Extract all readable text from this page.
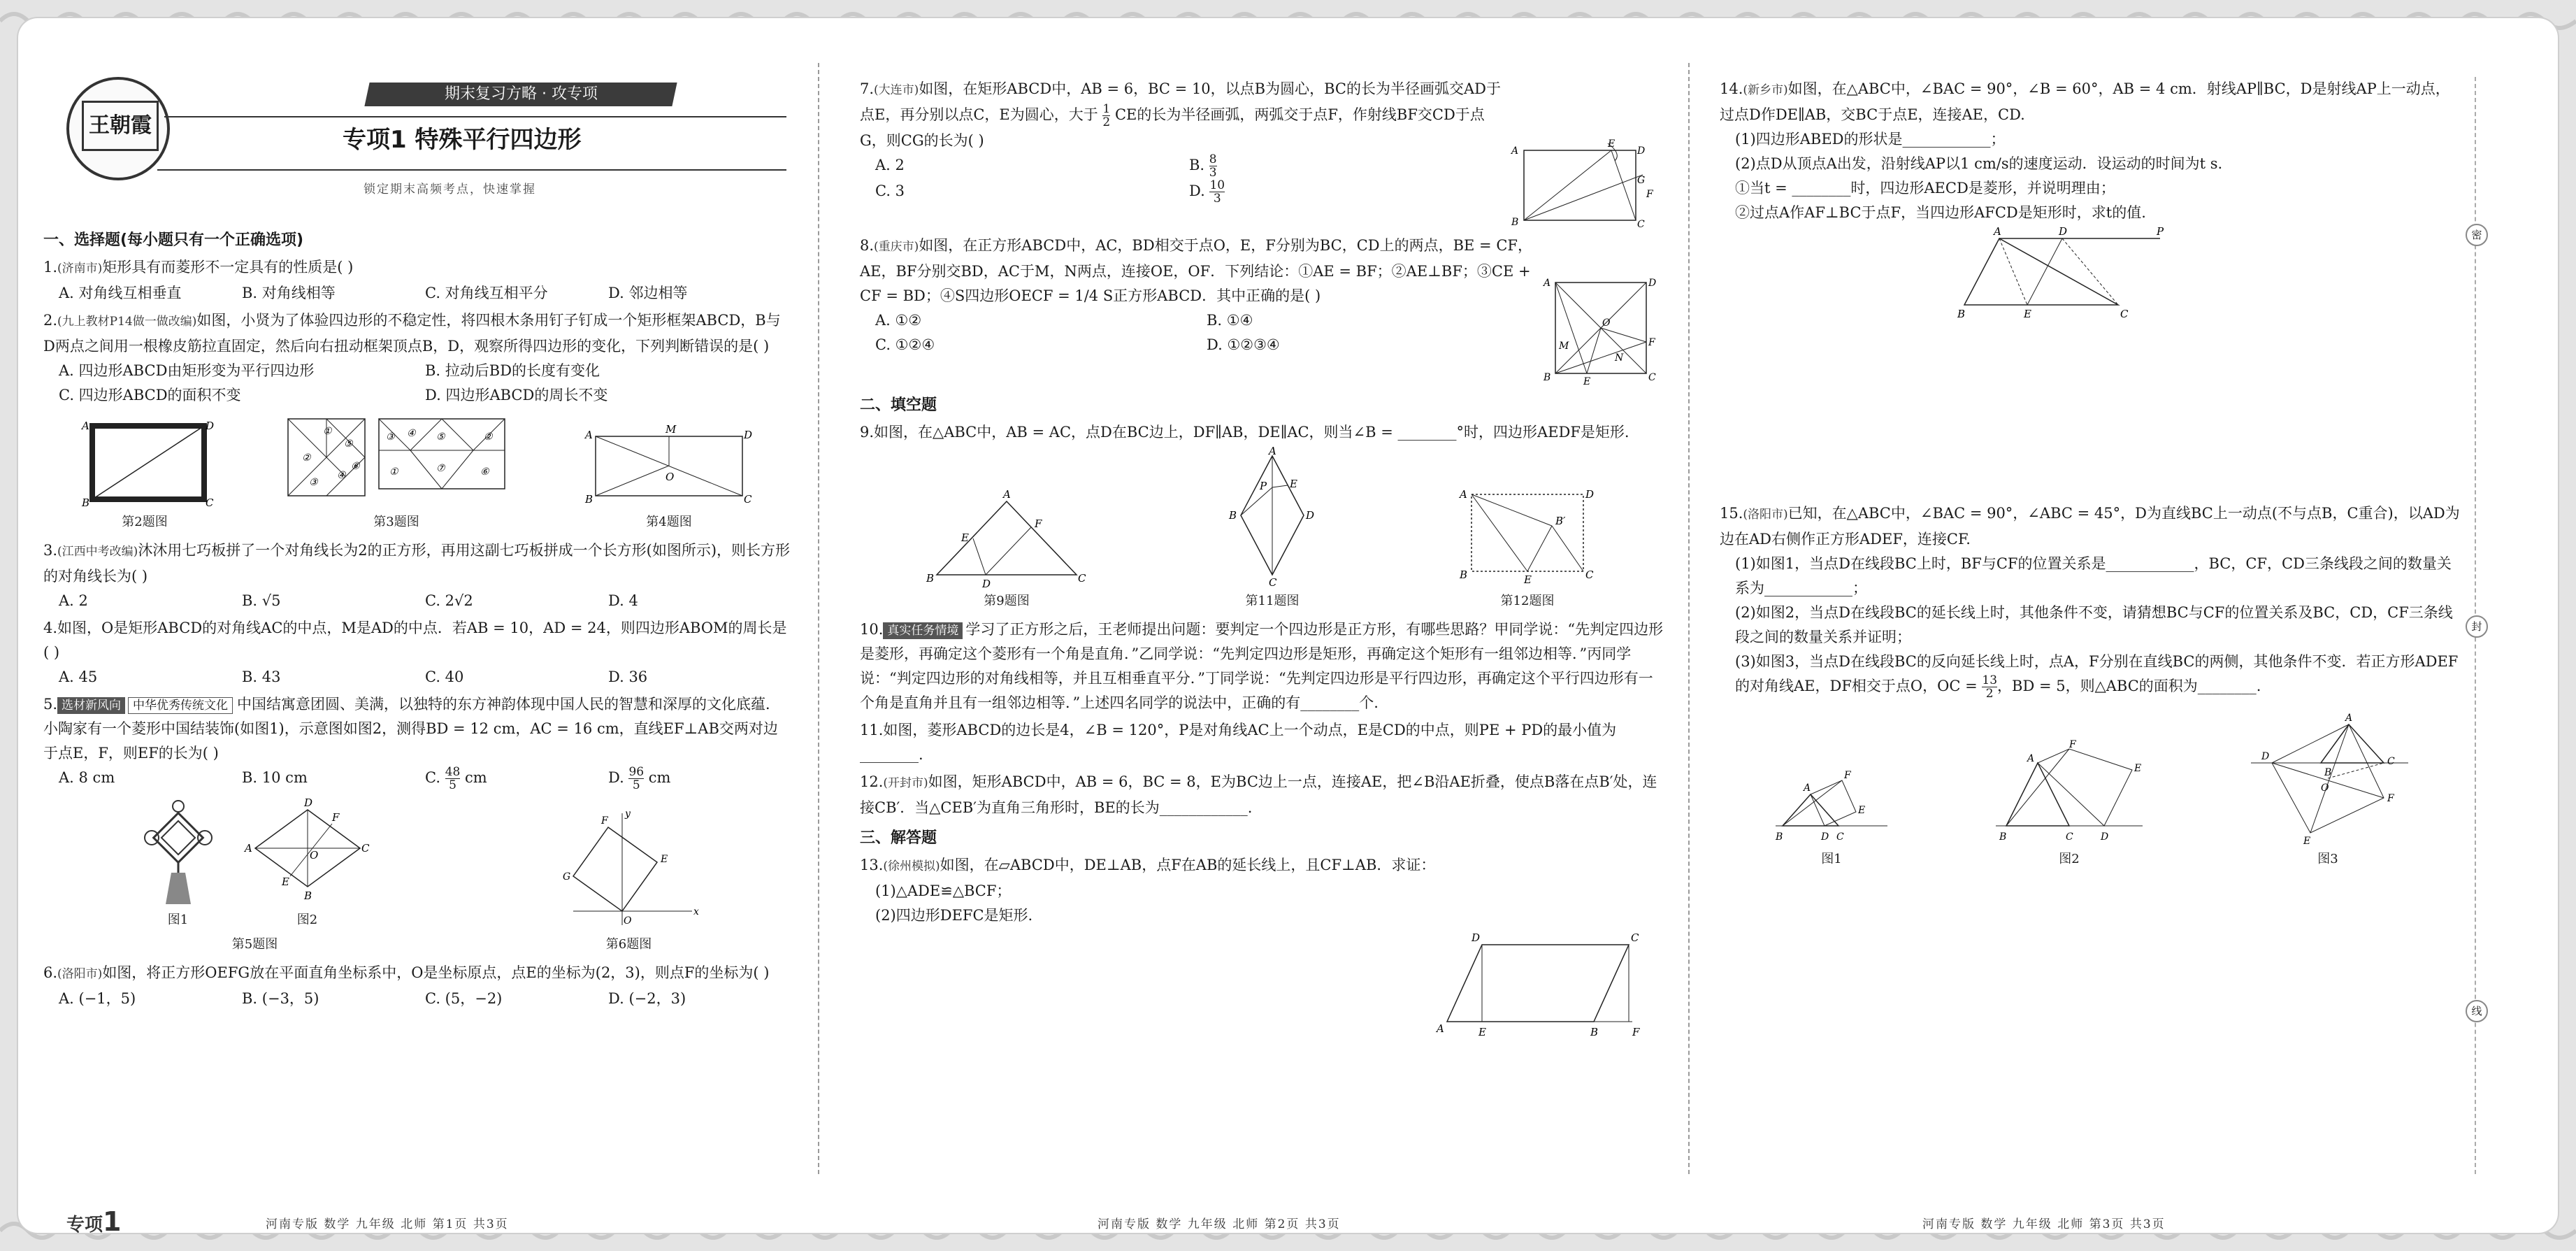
密
封
线
王朝霞
期末复习方略 · 攻专项
专项1 特殊平行四边形
锁定期末高频考点，快速掌握
一、选择题(每小题只有一个正确选项)
1.(济南市)矩形具有而菱形不一定具有的性质是( )
A. 对角线互相垂直	B. 对角线相等	C. 对角线互相平分	D. 邻边相等
2.(九上教材P14做一做改编)如图，小贤为了体验四边形的不稳定性，将四根木条用钉子钉成一个矩形框架ABCD，B与D两点之间用一根橡皮筋拉直固定，然后向右扭动框架顶点B，D，观察所得四边形的变化，下列判断错误的是( )
A. 四边形ABCD由矩形变为平行四边形	B. 拉动后BD的长度有变化
C. 四边形ABCD的面积不变	D. 四边形ABCD的周长不变
A	D
B	C
第2题图
①
②
⑤
⑥
④
③
③ ④ ⑤	②
①	⑦	⑥
第3题图
A	M	D
O
B	C
第4题图
3.(江西中考改编)沐沐用七巧板拼了一个对角线长为2的正方形，再用这副七巧板拼成一个长方形(如图所示)，则长方形的对角线长为( )
A. 2	B. √5	C. 2√2	D. 4
4.如图，O是矩形ABCD的对角线AC的中点，M是AD的中点．若AB = 10，AD = 24，则四边形ABOM的周长是( )
A. 45	B. 43	C. 40	D. 36
5. 选材新风向 中华优秀传统文化 中国结寓意团圆、美满，以独特的东方神韵体现中国人民的智慧和深厚的文化底蕴．小陶家有一个菱形中国结装饰(如图1)，示意图如图2，测得BD = 12 cm，AC = 16 cm，直线EF⊥AB交两对边于点E，F，则EF的长为( )
A. 8 cm	B. 10 cm	C. $\frac{48}{5}$ cm	D. $\frac{96}{5}$ cm
图1
D
C
A
B
F
E
O
图2
第5题图
x
y
O
E
F
G
第6题图
6.(洛阳市)如图，将正方形OEFG放在平面直角坐标系中，O是坐标原点，点E的坐标为(2，3)，则点F的坐标为( )
A. (−1，5)	B. (−3，5)	C. (5，−2)	D. (−2，3)
7.(大连市)如图，在矩形ABCD中，AB = 6，BC = 10，以点B为圆心，BC的长为半径画弧交AD于点E，再分别以点C，E为圆心，大于 $\frac{1}{2}$ CE的长为半径画弧，两弧交于点F，作射线BF交CD于点G，则CG的长为( )
A. 2	B. $\frac{8}{3}$
C. 3	D. $\frac{10}{3}$
A
E
D
G
F
B	C
8.(重庆市)如图，在正方形ABCD中，AC，BD相交于点O，E，F分别为BC，CD上的两点，BE = CF，AE，BF分别交BD，AC于M，N两点，连接OE，OF．下列结论：①AE = BF；②AE⊥BF；③CE + CF = BD；④S四边形OECF = 1/4 S正方形ABCD．其中正确的是( )
A. ①②	B. ①④
C. ①②④	D. ①②③④
A	D
F
B	E	C
O
M
N
二、填空题
9.如图，在△ABC中，AB = AC，点D在BC边上，DF∥AB，DE∥AC，则当∠B = ________°时，四边形AEDF是矩形.
A
E
F
B	D	C
第9题图
A
E
P
B	D
C
第11题图
A	D
B′
B	E	C
第12题图
10. 真实任务情境 学习了正方形之后，王老师提出问题：要判定一个四边形是正方形，有哪些思路？甲同学说：“先判定四边形是菱形，再确定这个菱形有一个角是直角．”乙同学说：“先判定四边形是矩形，再确定这个矩形有一组邻边相等．”丙同学说：“判定四边形的对角线相等，并且互相垂直平分．”丁同学说：“先判定四边形是平行四边形，再确定这个平行四边形有一个角是直角并且有一组邻边相等．”上述四名同学的说法中，正确的有________个.
11.如图，菱形ABCD的边长是4，∠B = 120°，P是对角线AC上一个动点，E是CD的中点，则PE + PD的最小值为________.
12.(开封市)如图，矩形ABCD中，AB = 6，BC = 8，E为BC边上一点，连接AE，把∠B沿AE折叠，使点B落在点B′处，连接CB′．当△CEB′为直角三角形时，BE的长为____________.
三、解答题
13.(徐州模拟)如图，在▱ABCD中，DE⊥AB，点F在AB的延长线上，且CF⊥AB．求证：
(1)△ADE≌△BCF；
(2)四边形DEFC是矩形.
D	C
A	E	B	F
14.(新乡市)如图，在△ABC中，∠BAC = 90°，∠B = 60°，AB = 4 cm．射线AP∥BC，D是射线AP上一动点，过点D作DE∥AB，交BC于点E，连接AE，CD.
(1)四边形ABED的形状是____________；
(2)点D从顶点A出发，沿射线AP以1 cm/s的速度运动．设运动的时间为t s.
①当t = ________时，四边形AECD是菱形，并说明理由；
②过点A作AF⊥BC于点F，当四边形AFCD是矩形时，求t的值.
A	D	P
B	E	C
15.(洛阳市)已知，在△ABC中，∠BAC = 90°，∠ABC = 45°，D为直线BC上一动点(不与点B，C重合)，以AD为边在AD右侧作正方形ADEF，连接CF.
(1)如图1，当点D在线段BC上时，BF与CF的位置关系是____________，BC，CF，CD三条线段之间的数量关系为____________；
(2)如图2，当点D在线段BC的延长线上时，其他条件不变，请猜想BC与CF的位置关系及BC，CD，CF三条线段之间的数量关系并证明；
(3)如图3，当点D在线段BC的反向延长线上时，点A，F分别在直线BC的两侧，其他条件不变．若正方形ADEF的对角线AE，DF相交于点O，OC = $\frac{13}{2}$ ，BD = 5，则△ABC的面积为________.
A
F
E
B	D C
图1
A
F
E
B	C	D
图2
A
D
B
C
O
F
E
图3
专项1	河南专版 数学 九年级 北师 第1页 共3页	河南专版 数学 九年级 北师 第2页 共3页	河南专版 数学 九年级 北师 第3页 共3页
